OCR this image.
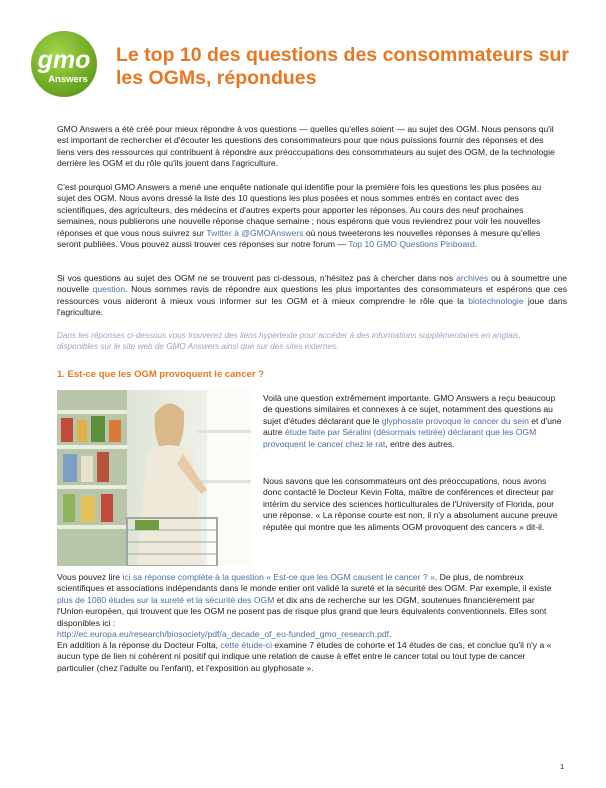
gmo
Answers
Le top 10 des questions des consommateurs sur les OGMs, répondues

GMO Answers a été créé pour mieux répondre à vos questions — quelles qu'elles soient — au sujet des OGM. Nous pensons qu'il est important de rechercher et d'écouter les questions des consommateurs pour que nous puissions fournir des réponses et des liens vers des ressources qui contribuent à répondre aux préoccupations des consommateurs au sujet des OGM, de la technologie derrière les OGM et du rôle qu'ils jouent dans l'agriculture.

C'est pourquoi GMO Answers a mené une enquête nationale qui identifie pour la première fois les questions les plus posées au sujet des OGM. Nous avons dressé la liste des 10 questions les plus posées et nous sommes entrés en contact avec des scientifiques, des agriculteurs, des médecins et d'autres experts pour apporter les réponses. Au cours des neuf prochaines semaines, nous publierons une nouvelle réponse chaque semaine ; nous espérons que vous reviendrez pour voir les nouvelles réponses et que vous nous suivrez sur Twitter à @GMOAnswers où nous tweeterons les nouvelles réponses à mesure qu'elles seront publiées. Vous pouvez aussi trouver ces réponses sur notre forum — Top 10 GMO Questions Pinboard.

Si vos questions au sujet des OGM ne se trouvent pas ci-dessous, n'hésitez pas à chercher dans nos archives ou à soumettre une nouvelle question. Nous sommes ravis de répondre aux questions les plus importantes des consommateurs et espérons que ces ressources vous aideront à mieux vous informer sur les OGM et à mieux comprendre le rôle que la biotechnologie joue dans l'agriculture.

Dans les réponses ci-dessous vous trouverez des liens hypertexte pour accéder à des informations supplémentaires en anglais, disponibles sur le site web de GMO Answers ainsi que sur des sites externes.

1. Est-ce que les OGM provoquent le cancer ?

Voilà une question extrêmement importante. GMO Answers a reçu beaucoup de questions similaires et connexes à ce sujet, notamment des questions au sujet d'études déclarant que le glyphosate provoque le cancer du sein et d'une autre étude faite par Séralini (désormais retirée) déclarant que les OGM provoquent le cancer chez le rat, entre des autres.

Nous savons que les consommateurs ont des préoccupations, nous avons donc contacté le Docteur Kevin Folta, maître de conférences et directeur par intérim du service des sciences horticulturales de l'University of Florida, pour une réponse. « La réponse courte est non, il n'y a absolument aucune preuve réputée qui montre que les aliments OGM provoquent des cancers » dit-il.

Vous pouvez lire ici sa réponse complète à la question « Est-ce que les OGM causent le cancer ? ». De plus, de nombreux scientifiques et associations indépendants dans le monde entier ont validé la sureté et la sécurité des OGM. Par exemple, il existe plus de 1080 études sur la sureté et la sécurité des OGM et dix ans de recherche sur les OGM, soutenues financièrement par l'Union européen, qui trouvent que les OGM ne posent pas de risque plus grand que leurs équivalents conventionnels. Elles sont disponibles ici :
http://ec.europa.eu/research/biosociety/pdf/a_decade_of_eu-funded_gmo_research.pdf.

En addition à la réponse du Docteur Folta, cette étude-ci examine 7 études de cohorte et 14 études de cas, et conclue qu'il n'y a « aucun type de lien ni cohérent ni positif qui indique une relation de cause à effet entre le cancer total ou tout type de cancer particulier (chez l'adulte ou l'enfant), et l'exposition au glyphosate ».

1
